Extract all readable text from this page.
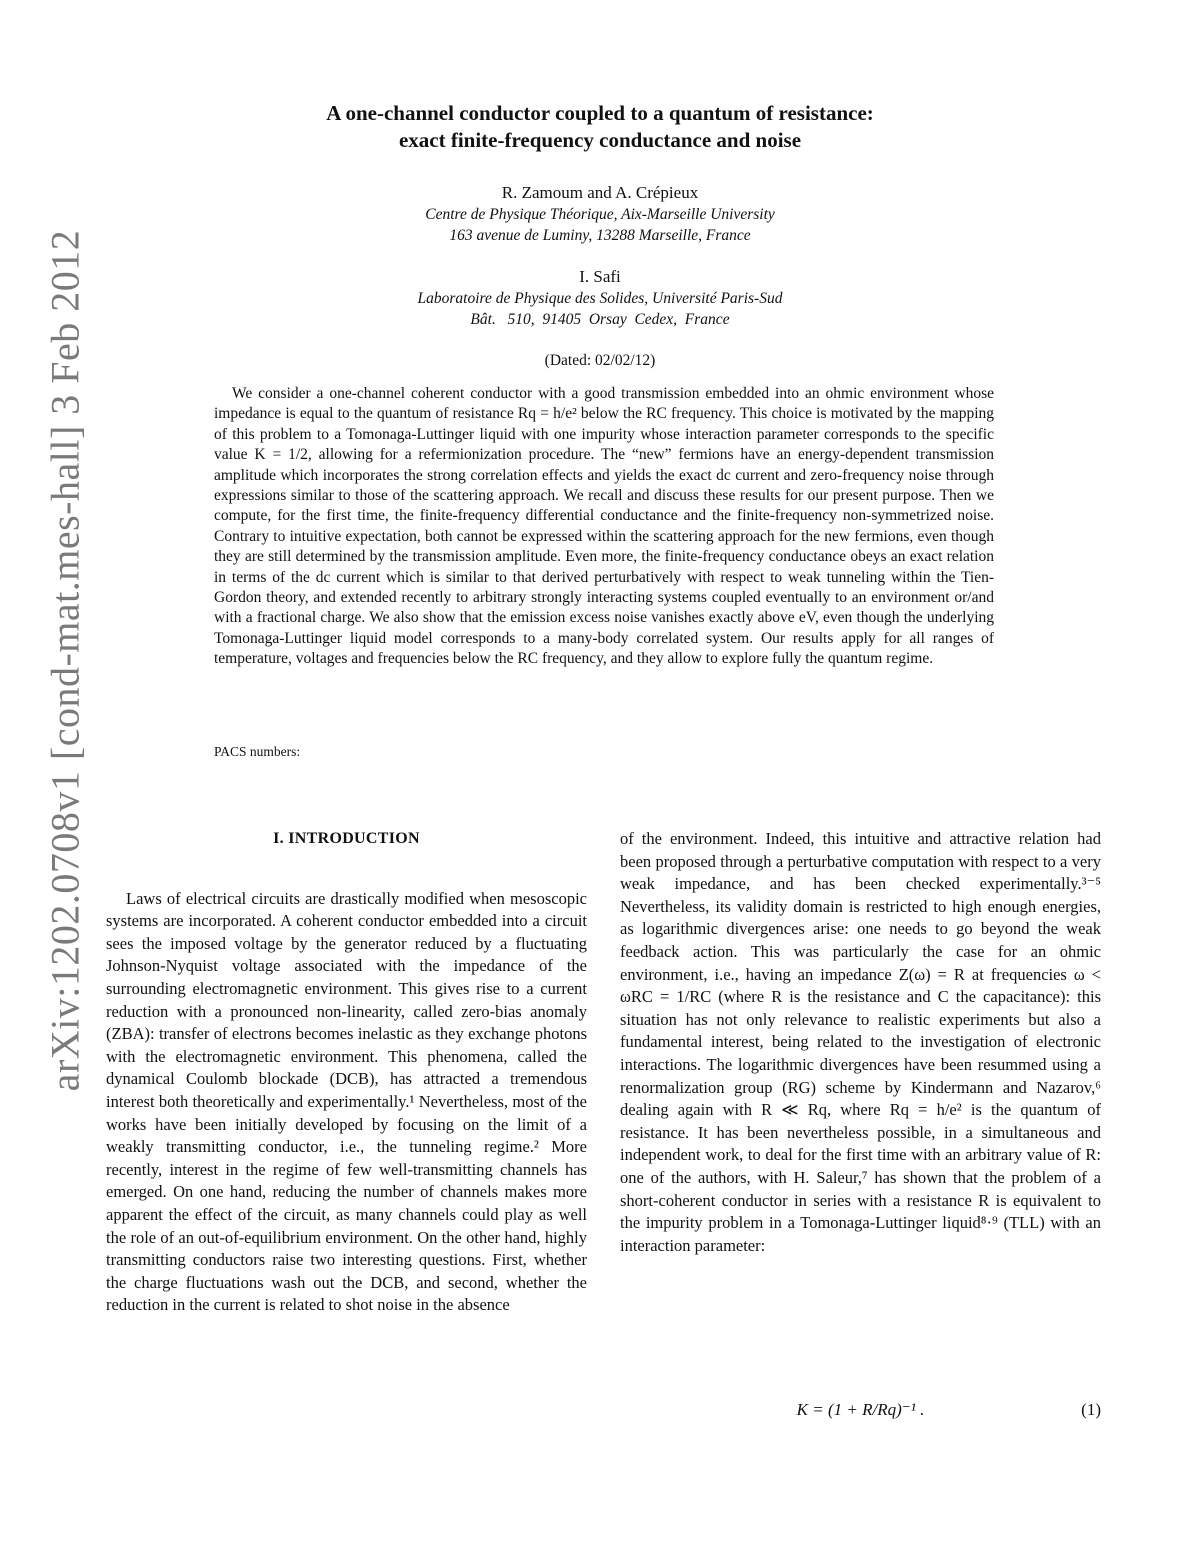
arXiv:1202.0708v1 [cond-mat.mes-hall] 3 Feb 2012
A one-channel conductor coupled to a quantum of resistance:
exact finite-frequency conductance and noise
R. Zamoum and A. Crépieux
Centre de Physique Théorique, Aix-Marseille University
163 avenue de Luminy, 13288 Marseille, France
I. Safi
Laboratoire de Physique des Solides, Université Paris-Sud
Bât.   510,  91405  Orsay  Cedex,  France
(Dated: 02/02/12)

We consider a one-channel coherent conductor with a good transmission embedded into an ohmic environment whose impedance is equal to the quantum of resistance Rq = h/e² below the RC frequency. This choice is motivated by the mapping of this problem to a Tomonaga-Luttinger liquid with one impurity whose interaction parameter corresponds to the specific value K = 1/2, allowing for a refermionization procedure. The “new” fermions have an energy-dependent transmission amplitude which incorporates the strong correlation effects and yields the exact dc current and zero-frequency noise through expressions similar to those of the scattering approach. We recall and discuss these results for our present purpose. Then we compute, for the first time, the finite-frequency differential conductance and the finite-frequency non-symmetrized noise. Contrary to intuitive expectation, both cannot be expressed within the scattering approach for the new fermions, even though they are still determined by the transmission amplitude. Even more, the finite-frequency conductance obeys an exact relation in terms of the dc current which is similar to that derived perturbatively with respect to weak tunneling within the Tien-Gordon theory, and extended recently to arbitrary strongly interacting systems coupled eventually to an environment or/and with a fractional charge. We also show that the emission excess noise vanishes exactly above eV, even though the underlying Tomonaga-Luttinger liquid model corresponds to a many-body correlated system. Our results apply for all ranges of temperature, voltages and frequencies below the RC frequency, and they allow to explore fully the quantum regime.

PACS numbers:
I. INTRODUCTION

Laws of electrical circuits are drastically modified when mesoscopic systems are incorporated. A coherent conductor embedded into a circuit sees the imposed voltage by the generator reduced by a fluctuating Johnson-Nyquist voltage associated with the impedance of the surrounding electromagnetic environment. This gives rise to a current reduction with a pronounced non-linearity, called zero-bias anomaly (ZBA): transfer of electrons becomes inelastic as they exchange photons with the electromagnetic environment. This phenomena, called the dynamical Coulomb blockade (DCB), has attracted a tremendous interest both theoretically and experimentally.¹ Nevertheless, most of the works have been initially developed by focusing on the limit of a weakly transmitting conductor, i.e., the tunneling regime.² More recently, interest in the regime of few well-transmitting channels has emerged. On one hand, reducing the number of channels makes more apparent the effect of the circuit, as many channels could play as well the role of an out-of-equilibrium environment. On the other hand, highly transmitting conductors raise two interesting questions. First, whether the charge fluctuations wash out the DCB, and second, whether the reduction in the current is related to shot noise in the absence

of the environment. Indeed, this intuitive and attractive relation had been proposed through a perturbative computation with respect to a very weak impedance, and has been checked experimentally.³⁻⁵ Nevertheless, its validity domain is restricted to high enough energies, as logarithmic divergences arise: one needs to go beyond the weak feedback action. This was particularly the case for an ohmic environment, i.e., having an impedance Z(ω) = R at frequencies ω < ωRC = 1/RC (where R is the resistance and C the capacitance): this situation has not only relevance to realistic experiments but also a fundamental interest, being related to the investigation of electronic interactions. The logarithmic divergences have been resummed using a renormalization group (RG) scheme by Kindermann and Nazarov,⁶ dealing again with R ≪ Rq, where Rq = h/e² is the quantum of resistance. It has been nevertheless possible, in a simultaneous and independent work, to deal for the first time with an arbitrary value of R: one of the authors, with H. Saleur,⁷ has shown that the problem of a short-coherent conductor in series with a resistance R is equivalent to the impurity problem in a Tomonaga-Luttinger liquid⁸·⁹ (TLL) with an interaction parameter:

K = (1 + R/Rq)⁻¹ .	(1)
